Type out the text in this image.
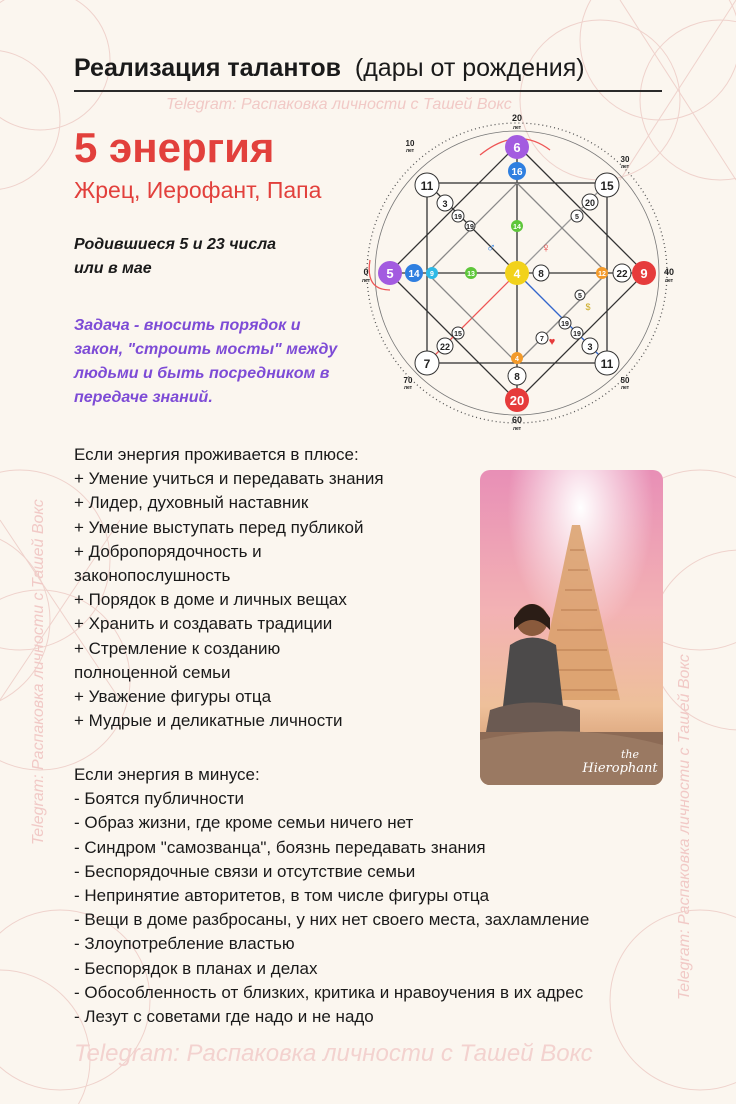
Реализация талантов (дары от рождения)
Telegram: Распаковка личности с Ташей Вокс
5 энергия
Жрец, Иерофант, Папа
Родившиеся 5 и 23 числа
или в мае
Задача - вносить порядок и
закон, "строить мосты" между
людьми и быть посредником в
передаче знаний.
6
16
14
5 14 9	13	9
22
12
20
8
4
4 8
11
3
19
15
20
5
7
22
15
11
3
19
19
7
5
19
♂	♀
♥
$
20
лет
60
лет
0
лет
40
лет
10
лет
30
лет
50
лет
70
лет
Если энергия проживается в плюсе:
+ Умение учиться и передавать знания
+ Лидер, духовный наставник
+ Умение выступать перед публикой
+ Добропорядочность и
законопослушность
+ Порядок в доме и личных вещах
+ Хранить и создавать традиции
+ Стремление к созданию
полноценной семьи
+ Уважение фигуры отца
+ Мудрые и деликатные личности
Если энергия в минусе:
- Боятся публичности
- Образ жизни, где кроме семьи ничего нет
- Синдром "самозванца", боязнь передавать знания
- Беспорядочные связи и отсутствие семьи
- Непринятие авторитетов, в том числе фигуры отца
- Вещи в доме разбросаны, у них нет своего места, захламление
- Злоупотребление властью
- Беспорядок в планах и делах
- Обособленность от близких, критика и нравоучения в их адрес
- Лезут с советами где надо и не надо
the
Hierophant
Telegram: Распаковка личности с Ташей Вокс	Telegram: Распаковка личности с Ташей Вокс
Telegram: Распаковка личности с Ташей Вокс
